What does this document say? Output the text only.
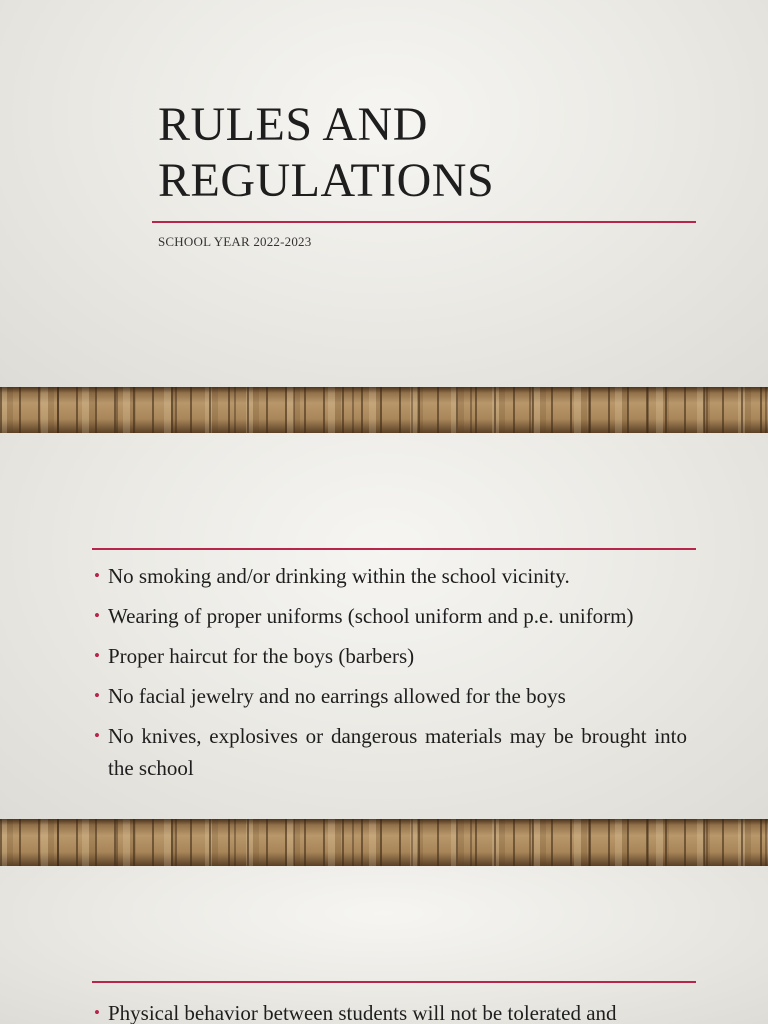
RULES AND REGULATIONS
SCHOOL YEAR 2022-2023
• No smoking and/or drinking within the school vicinity.
• Wearing of proper uniforms (school uniform and p.e. uniform)
• Proper haircut for the boys (barbers)
• No facial jewelry and no earrings allowed for the boys
• No knives, explosives or dangerous materials may be brought into the school
• Physical behavior between students will not be tolerated and
